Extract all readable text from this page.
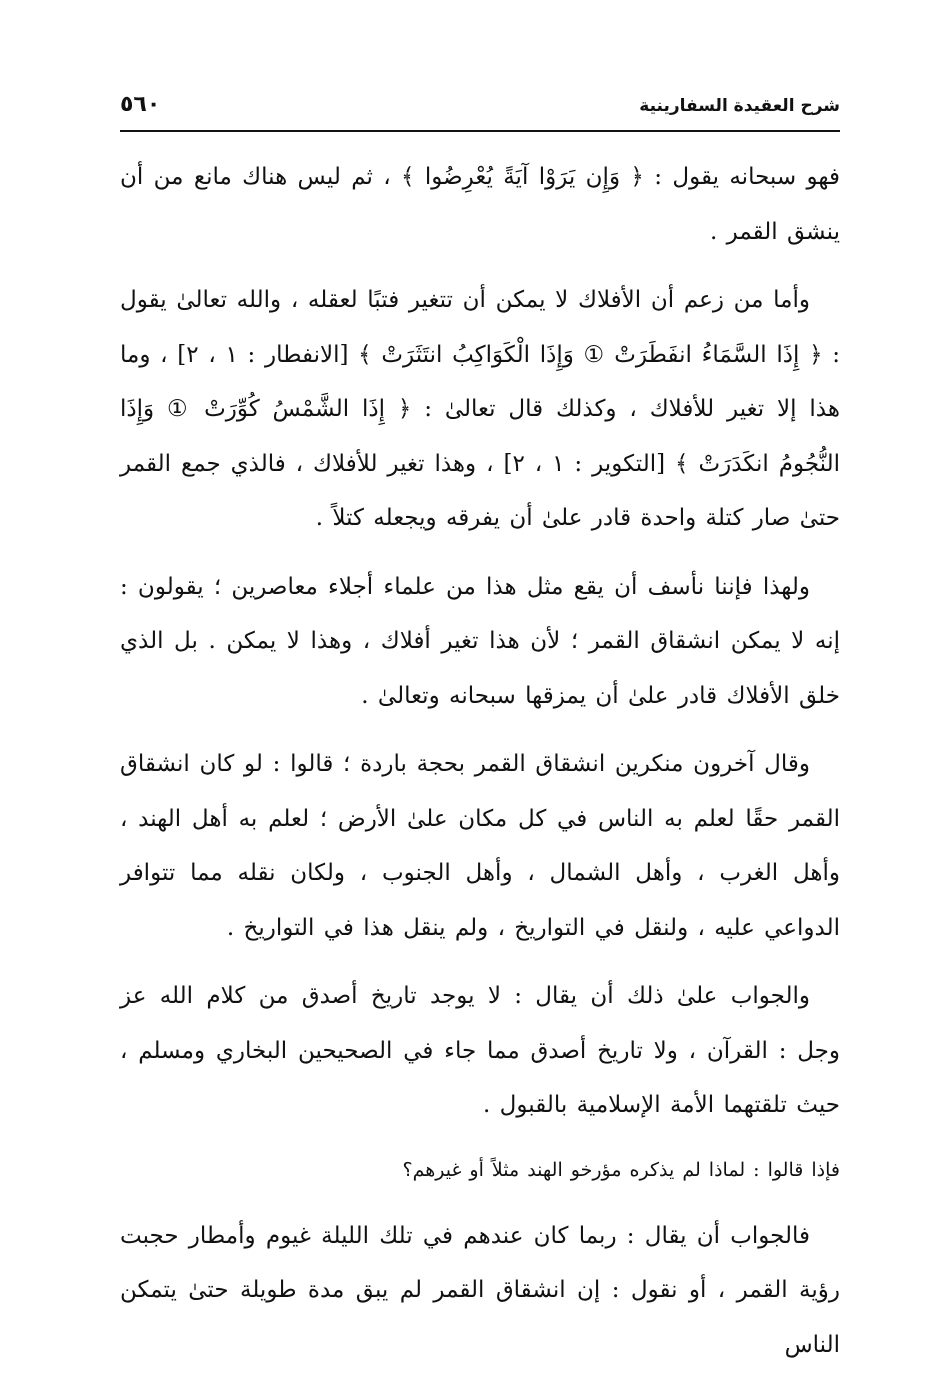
شرح العقيدة السفارينية
٥٦٠

فهو سبحانه يقول : ﴿ وَإِن يَرَوْا آيَةً يُعْرِضُوا ﴾ ، ثم ليس هناك مانع من أن ينشق القمر .

وأما من زعم أن الأفلاك لا يمكن أن تتغير فتبًا لعقله ، والله تعالىٰ يقول : ﴿ إِذَا السَّمَاءُ انفَطَرَتْ ① وَإِذَا الْكَوَاكِبُ انتَثَرَتْ ﴾ [الانفطار : ١ ، ٢] ، وما هذا إلا تغير للأفلاك ، وكذلك قال تعالىٰ : ﴿ إِذَا الشَّمْسُ كُوِّرَتْ ① وَإِذَا النُّجُومُ انكَدَرَتْ ﴾ [التكوير : ١ ، ٢] ، وهذا تغير للأفلاك ، فالذي جمع القمر حتىٰ صار كتلة واحدة قادر علىٰ أن يفرقه ويجعله كتلاً .

ولهذا فإننا نأسف أن يقع مثل هذا من علماء أجلاء معاصرين ؛ يقولون : إنه لا يمكن انشقاق القمر ؛ لأن هذا تغير أفلاك ، وهذا لا يمكن . بل الذي خلق الأفلاك قادر علىٰ أن يمزقها سبحانه وتعالىٰ .

وقال آخرون منكرين انشقاق القمر بحجة باردة ؛ قالوا : لو كان انشقاق القمر حقًا لعلم به الناس في كل مكان علىٰ الأرض ؛ لعلم به أهل الهند ، وأهل الغرب ، وأهل الشمال ، وأهل الجنوب ، ولكان نقله مما تتوافر الدواعي عليه ، ولنقل في التواريخ ، ولم ينقل هذا في التواريخ .

والجواب علىٰ ذلك أن يقال : لا يوجد تاريخ أصدق من كلام الله عز وجل : القرآن ، ولا تاريخ أصدق مما جاء في الصحيحين البخاري ومسلم ، حيث تلقتهما الأمة الإسلامية بالقبول .

فإذا قالوا : لماذا لم يذكره مؤرخو الهند مثلاً أو غيرهم؟

فالجواب أن يقال : ربما كان عندهم في تلك الليلة غيوم وأمطار حجبت رؤية القمر ، أو نقول : إن انشقاق القمر لم يبق مدة طويلة حتىٰ يتمكن الناس
